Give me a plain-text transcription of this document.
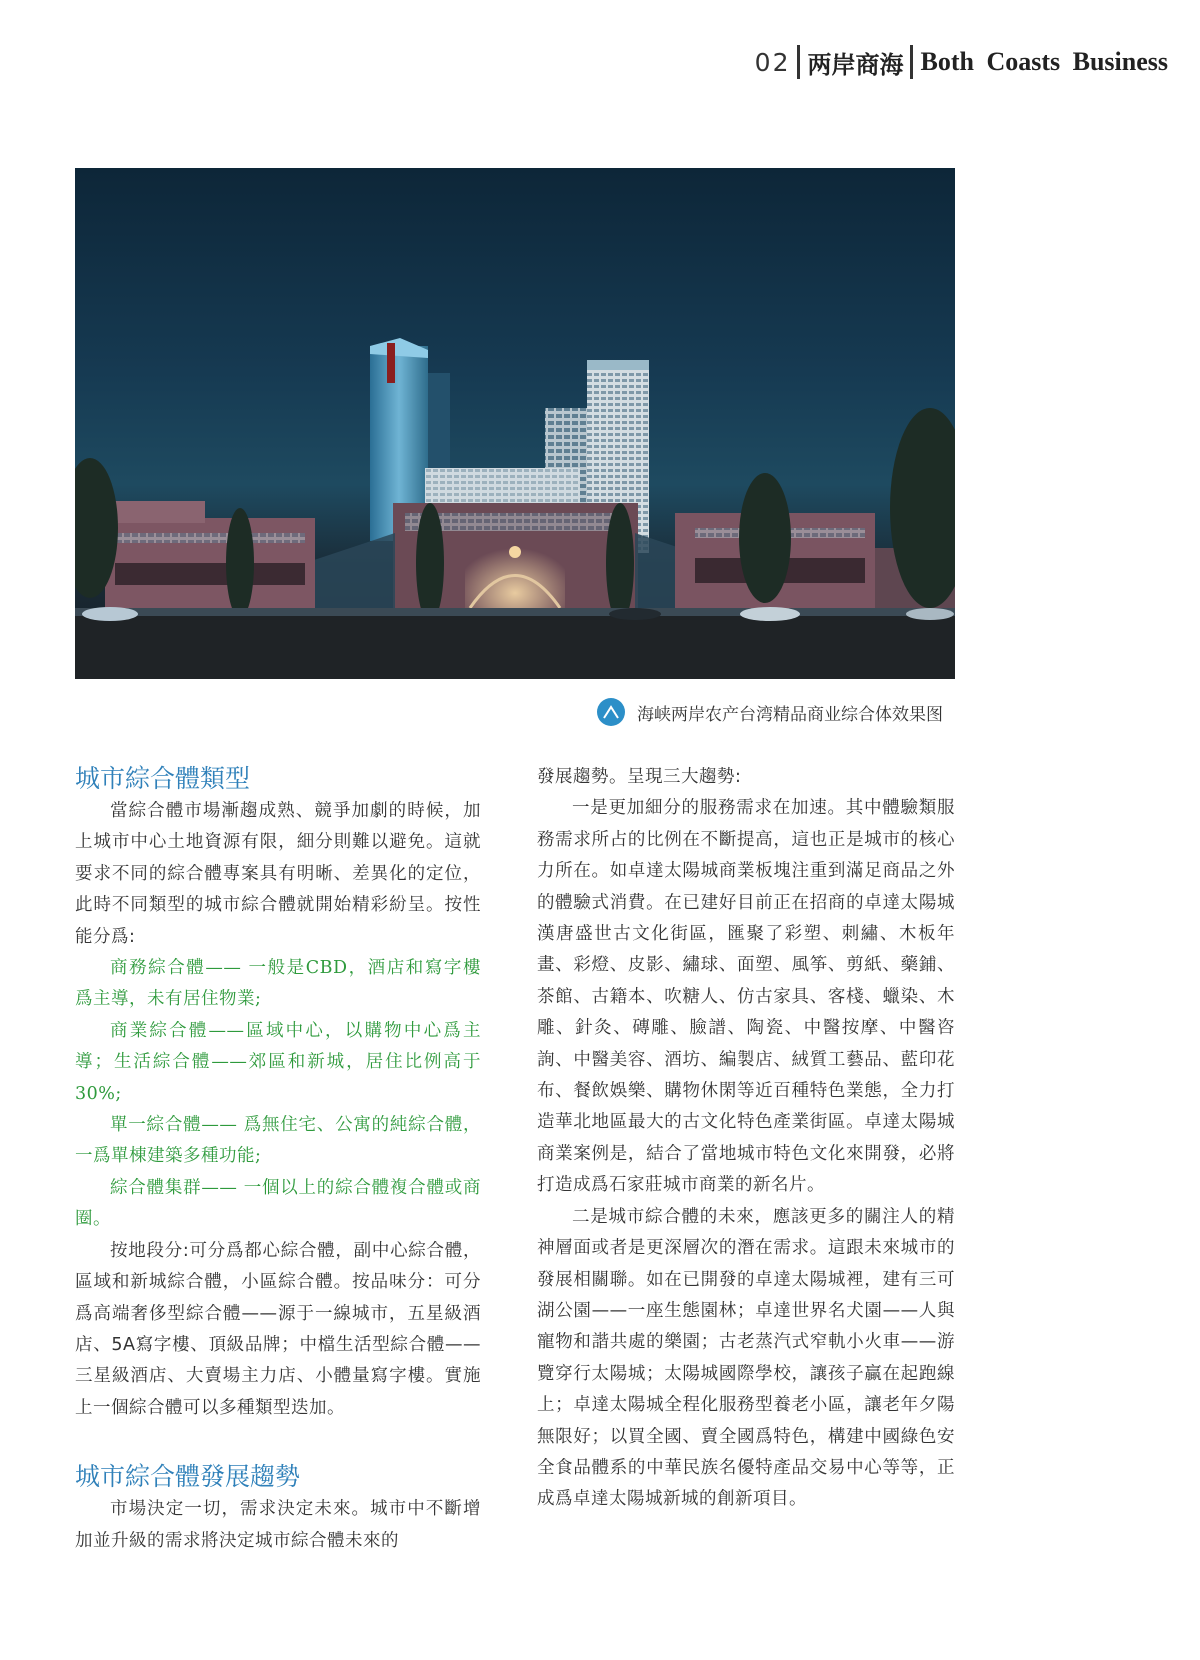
02 两岸商海 Both Coasts Business
海峡两岸农产台湾精品商业综合体效果图
城市綜合體類型

當綜合體市場漸趨成熟、競爭加劇的時候，加上城市中心土地資源有限，細分則難以避免。這就要求不同的綜合體專案具有明晰、差異化的定位，此時不同類型的城市綜合體就開始精彩紛呈。按性能分爲:

商務綜合體—— 一般是CBD，酒店和寫字樓爲主導，未有居住物業;

商業綜合體——區域中心，以購物中心爲主導；生活綜合體——郊區和新城，居住比例高于30%;

單一綜合體—— 爲無住宅、公寓的純綜合體，一爲單棟建築多種功能;

綜合體集群—— 一個以上的綜合體複合體或商圈。

按地段分:可分爲都心綜合體，副中心綜合體，區域和新城綜合體，小區綜合體。按品味分：可分爲高端奢侈型綜合體——源于一線城市，五星級酒店、5A寫字樓、頂級品牌；中檔生活型綜合體——三星級酒店、大賣場主力店、小體量寫字樓。實施上一個綜合體可以多種類型迭加。

城市綜合體發展趨勢

市場決定一切，需求決定未來。城市中不斷增加並升級的需求將決定城市綜合體未來的

發展趨勢。呈現三大趨勢:

一是更加細分的服務需求在加速。其中體驗類服務需求所占的比例在不斷提高，這也正是城市的核心力所在。如卓達太陽城商業板塊注重到滿足商品之外的體驗式消費。在已建好目前正在招商的卓達太陽城漢唐盛世古文化街區，匯聚了彩塑、刺繡、木板年畫、彩燈、皮影、繡球、面塑、風筝、剪紙、藥鋪、茶館、古籍本、吹糖人、仿古家具、客棧、蠟染、木雕、針灸、磚雕、臉譜、陶瓷、中醫按摩、中醫咨詢、中醫美容、酒坊、編製店、絨質工藝品、藍印花布、餐飲娛樂、購物休閑等近百種特色業態，全力打造華北地區最大的古文化特色產業街區。卓達太陽城商業案例是，結合了當地城市特色文化來開發，必將打造成爲石家莊城市商業的新名片。

二是城市綜合體的未來，應該更多的關注人的精神層面或者是更深層次的潛在需求。這跟未來城市的發展相關聯。如在已開發的卓達太陽城裡，建有三可湖公園——一座生態園林；卓達世界名犬園——人與寵物和諧共處的樂園；古老蒸汽式窄軌小火車——游覽穿行太陽城；太陽城國際學校，讓孩子贏在起跑線上；卓達太陽城全程化服務型養老小區，讓老年夕陽無限好；以買全國、賣全國爲特色，構建中國綠色安全食品體系的中華民族名優特產品交易中心等等，正成爲卓達太陽城新城的創新項目。
